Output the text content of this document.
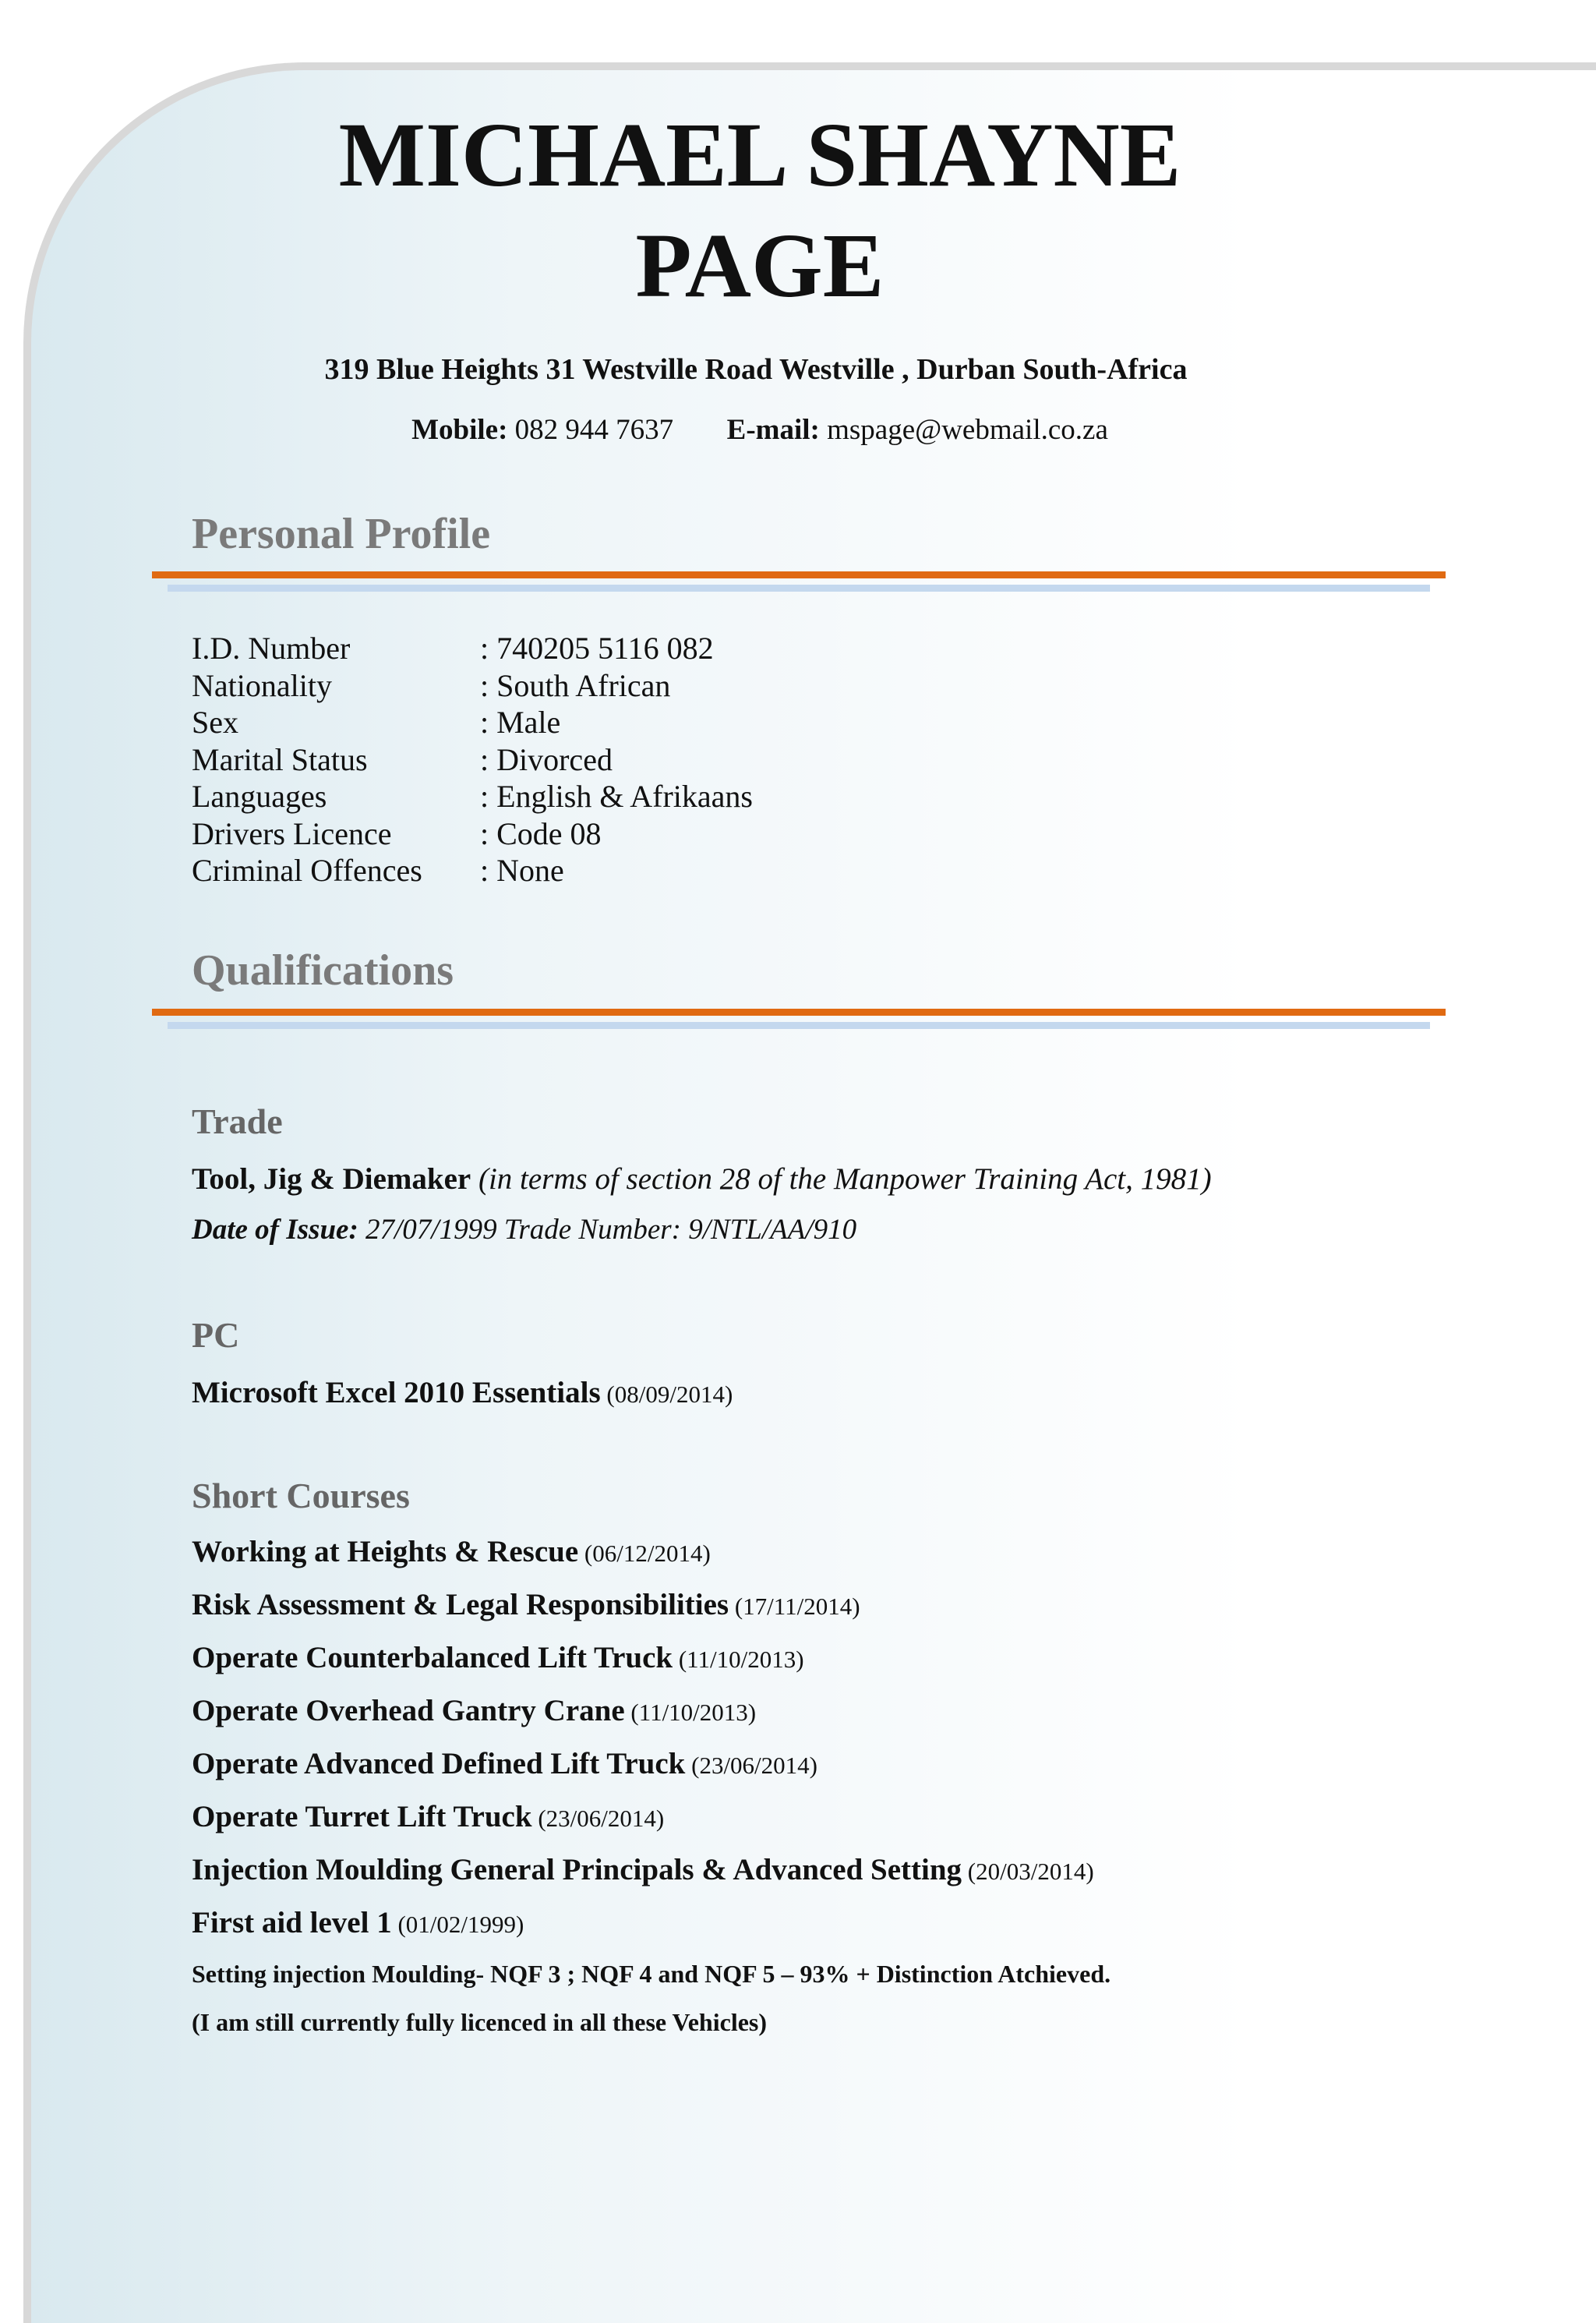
MICHAEL SHAYNE
PAGE
319 Blue Heights 31 Westville Road Westville , Durban South-Africa
Mobile: 082 944 7637 E-mail: mspage@webmail.co.za
Personal Profile
I.D. Number	: 740205 5116 082
Nationality	: South African
Sex	: Male
Marital Status	: Divorced
Languages	: English & Afrikaans
Drivers Licence	: Code 08
Criminal Offences	: None
Qualifications
Trade
Tool, Jig & Diemaker (in terms of section 28 of the Manpower Training Act, 1981)
Date of Issue: 27/07/1999 Trade Number: 9/NTL/AA/910
PC
Microsoft Excel 2010 Essentials (08/09/2014)
Short Courses
Working at Heights & Rescue (06/12/2014)
Risk Assessment & Legal Responsibilities (17/11/2014)
Operate Counterbalanced Lift Truck (11/10/2013)
Operate Overhead Gantry Crane (11/10/2013)
Operate Advanced Defined Lift Truck (23/06/2014)
Operate Turret Lift Truck (23/06/2014)
Injection Moulding General Principals & Advanced Setting (20/03/2014)
First aid level 1 (01/02/1999)
Setting injection Moulding- NQF 3 ; NQF 4 and NQF 5 – 93% + Distinction Atchieved.
(I am still currently fully licenced in all these Vehicles)
